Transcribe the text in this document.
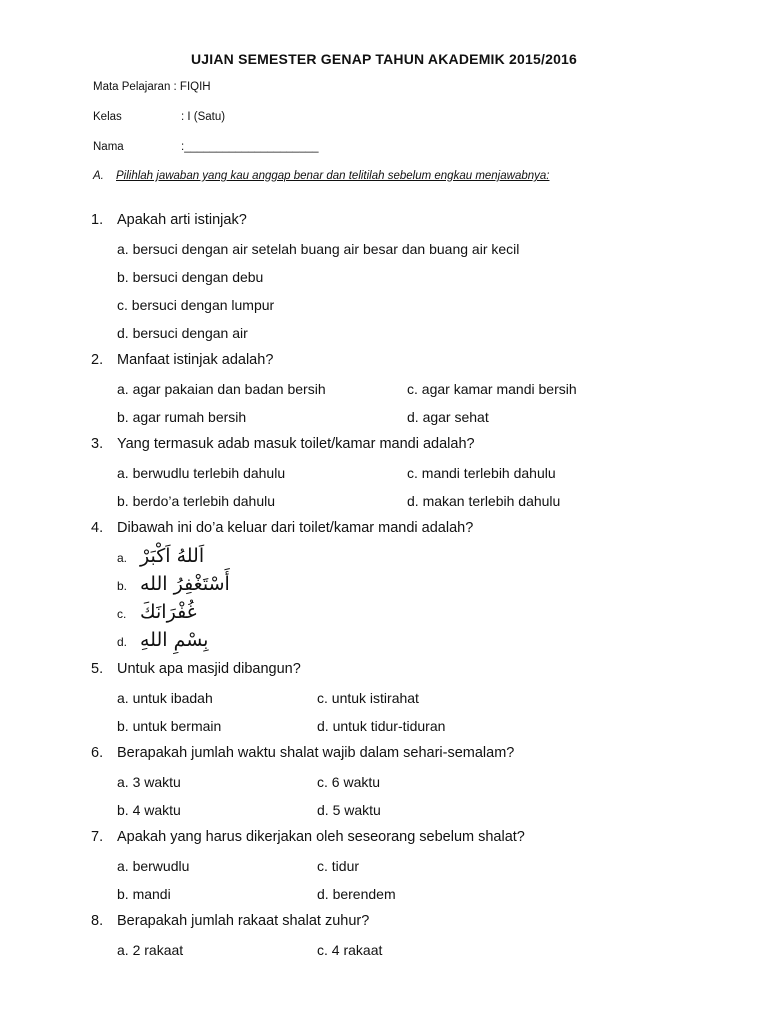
UJIAN SEMESTER GENAP TAHUN AKADEMIK 2015/2016
Mata Pelajaran : FIQIH
Kelas	: I (Satu)
Nama	:_____________________
A. Pilihlah jawaban yang kau anggap benar dan telitilah sebelum engkau menjawabnya:
1. Apakah arti istinjak?
a. bersuci dengan air setelah buang air besar dan buang air kecil
b. bersuci dengan debu
c. bersuci dengan lumpur
d. bersuci dengan air
2. Manfaat istinjak adalah?
a. agar pakaian dan badan bersih	c. agar kamar mandi bersih
b. agar rumah bersih	d. agar sehat
3. Yang termasuk adab masuk toilet/kamar mandi adalah?
a. berwudlu terlebih dahulu	c. mandi terlebih dahulu
b. berdo’a terlebih dahulu	d. makan terlebih dahulu
4. Dibawah ini do’a keluar dari toilet/kamar mandi adalah?
a. اَللهُ اَكْبَرْ
b. أَسْتَغْفِرُ الله
c. غُفْرَانَكَ
d. بِسْمِ اللهِ
5. Untuk apa masjid dibangun?
a. untuk ibadah	c. untuk istirahat
b. untuk bermain	d. untuk tidur-tiduran
6. Berapakah jumlah waktu shalat wajib dalam sehari-semalam?
a. 3 waktu	c. 6 waktu
b. 4 waktu	d. 5 waktu
7. Apakah yang harus dikerjakan oleh seseorang sebelum shalat?
a. berwudlu	c. tidur
b. mandi	d. berendem
8. Berapakah jumlah rakaat shalat zuhur?
a. 2 rakaat	c. 4 rakaat
